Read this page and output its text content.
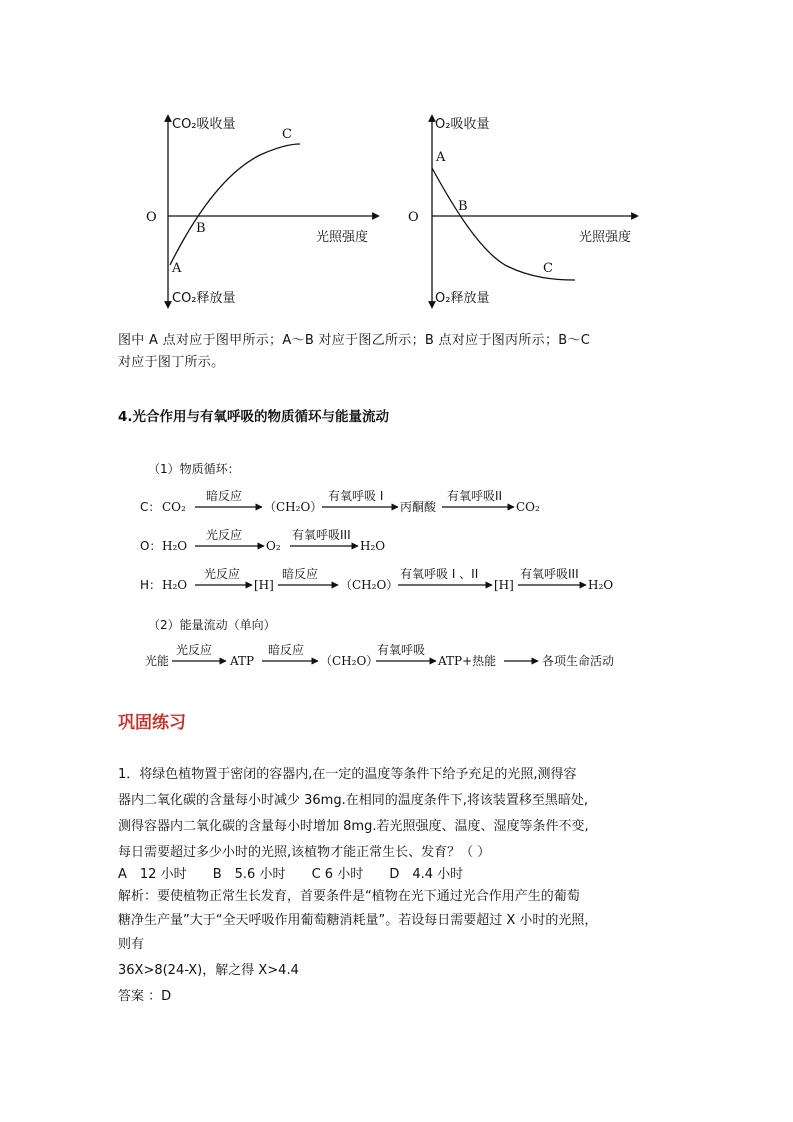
CO₂吸收量
CO₂释放量
光照强度
O
A
B
C
O₂吸收量
O₂释放量
光照强度
O
A
B
C
图中 A 点对应于图甲所示；A～B 对应于图乙所示；B 点对应于图丙所示；B～C
对应于图丁所示。
4.光合作用与有氧呼吸的物质循环与能量流动
（1）物质循环：
C： CO₂
暗反应
（CH₂O）
有氧呼吸 I
丙酮酸
有氧呼吸II
CO₂
O： H₂O
光反应
O₂
有氧呼吸III
H₂O
H： H₂O
光反应
[H]
暗反应
（CH₂O）
有氧呼吸 I 、II
[H]
有氧呼吸III
H₂O
（2）能量流动（单向）
光能
光反应
ATP
暗反应
（CH₂O）
有氧呼吸
ATP+热能	各项生命活动
巩固练习
1．将绿色植物置于密闭的容器内,在一定的温度等条件下给予充足的光照,测得容
器内二氧化碳的含量每小时减少 36mg.在相同的温度条件下,将该装置移至黑暗处,
测得容器内二氧化碳的含量每小时增加 8mg.若光照强度、温度、湿度等条件不变,
每日需要超过多少小时的光照,该植物才能正常生长、发育？（ ）
A　12 小时 B　5.6 小时 C 6 小时 D　4.4 小时
解析：要使植物正常生长发育，首要条件是“植物在光下通过光合作用产生的葡萄
糖净生产量”大于“全天呼吸作用葡萄糖消耗量”。若设每日需要超过 X 小时的光照，
则有
36X>8(24-X)，解之得 X>4.4
答案 ：D
